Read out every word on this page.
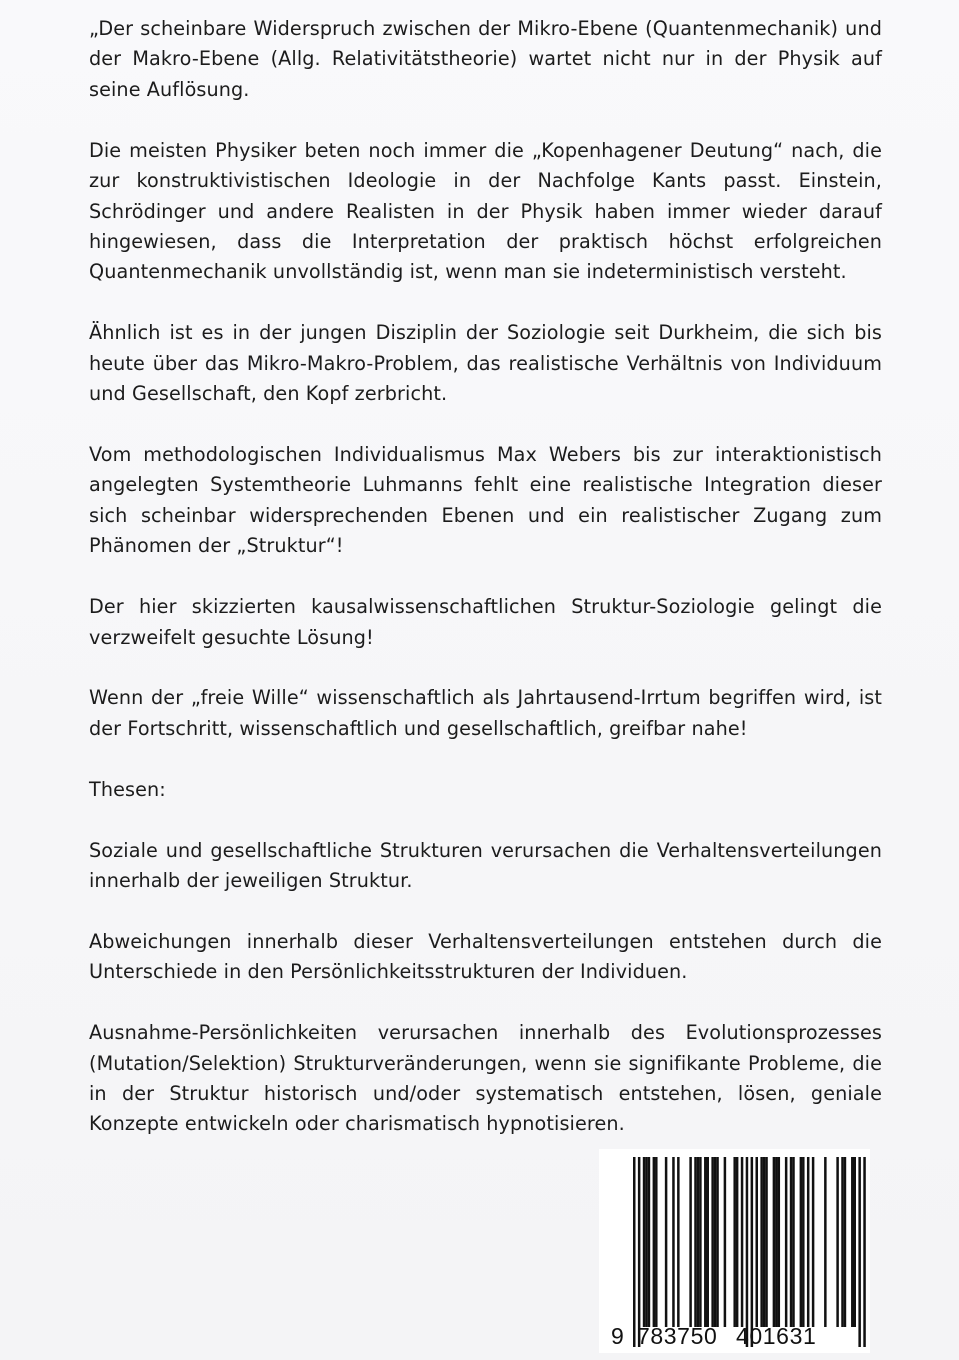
„Der scheinbare Widerspruch zwischen der Mikro-Ebene (Quantenmechanik) und der Makro-Ebene (Allg. Relativitätstheorie) wartet nicht nur in der Physik auf seine Auflösung.

Die meisten Physiker beten noch immer die „Kopenhagener Deutung“ nach, die zur konstruktivistischen Ideologie in der Nachfolge Kants passt. Einstein, Schrödinger und andere Realisten in der Physik haben immer wieder darauf hingewiesen, dass die Interpretation der praktisch höchst erfolgreichen Quantenmechanik unvollständig ist, wenn man sie indeterministisch versteht.

Ähnlich ist es in der jungen Disziplin der Soziologie seit Durkheim, die sich bis heute über das Mikro-Makro-Problem, das realistische Verhältnis von Individuum und Gesellschaft, den Kopf zerbricht.

Vom methodologischen Individualismus Max Webers bis zur interaktionistisch angelegten Systemtheorie Luhmanns fehlt eine realistische Integration dieser sich scheinbar widersprechenden Ebenen und ein realistischer Zugang zum Phänomen der „Struktur“!

Der hier skizzierten kausalwissenschaftlichen Struktur-Soziologie gelingt die verzweifelt gesuchte Lösung!

Wenn der „freie Wille“ wissenschaftlich als Jahrtausend-Irrtum begriffen wird, ist der Fortschritt, wissenschaftlich und gesellschaftlich, greifbar nahe!

Thesen:

Soziale und gesellschaftliche Strukturen verursachen die Verhaltensverteilungen innerhalb der jeweiligen Struktur.

Abweichungen innerhalb dieser Verhaltensverteilungen entstehen durch die Unterschiede in den Persönlichkeitsstrukturen der Individuen.

Ausnahme-Persönlichkeiten verursachen innerhalb des Evolutionsprozesses (Mutation/Selektion) Strukturveränderungen, wenn sie signifikante Probleme, die in der Struktur historisch und/oder systematisch entstehen, lösen, geniale Konzepte entwickeln oder charismatisch hypnotisieren.

9 783750 401631
